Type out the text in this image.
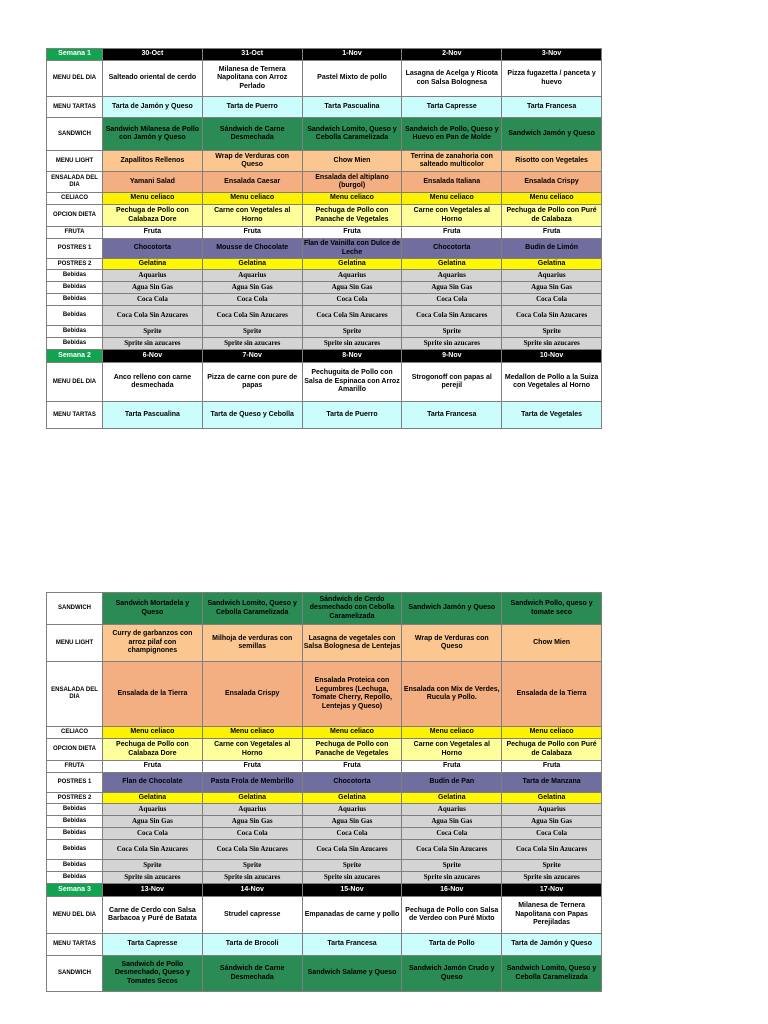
Semana 1	30-Oct	31-Oct	1-Nov	2-Nov	3-Nov
MENU DEL DIA	Salteado oriental de cerdo	Milanesa de Ternera Napolitana con Arroz Perlado	Pastel Mixto de pollo	Lasagna de Acelga y Ricota con Salsa Bolognesa	Pizza fugazetta / panceta y huevo
MENU TARTAS	Tarta de Jamón y Queso	Tarta de Puerro	Tarta Pascualina	Tarta Capresse	Tarta Francesa
SANDWICH	Sandwich Milanesa de Pollo con Jamón y Queso	Sándwich de Carne Desmechada	Sandwich Lomito, Queso y Cebolla Caramelizada	Sandwich de Pollo, Queso y Huevo en Pan de Molde	Sandwich Jamón y Queso
MENU LIGHT	Zapallitos Rellenos	Wrap de Verduras con Queso	Chow Mien	Terrina de zanahoria con salteado multicolor	Risotto con Vegetales
ENSALADA DEL DIA	Yamani Salad	Ensalada Caesar	Ensalada del altiplano (burgol)	Ensalada Italiana	Ensalada Crispy
CELIACO	Menu celiaco	Menu celiaco	Menu celiaco	Menu celiaco	Menu celiaco
OPCION DIETA	Pechuga de Pollo con Calabaza Dore	Carne con Vegetales al Horno	Pechuga de Pollo con Panache de Vegetales	Carne con Vegetales al Horno	Pechuga de Pollo con Puré de Calabaza
FRUTA	Fruta	Fruta	Fruta	Fruta	Fruta
POSTRES 1	Chocotorta	Mousse de Chocolate	Flan de Vainilla con Dulce de Leche	Chocotorta	Budín de Limón
POSTRES 2	Gelatina	Gelatina	Gelatina	Gelatina	Gelatina
Bebidas	Aquarius	Aquarius	Aquarius	Aquarius	Aquarius
Bebidas	Agua Sin Gas	Agua Sin Gas	Agua Sin Gas	Agua Sin Gas	Agua Sin Gas
Bebidas	Coca Cola	Coca Cola	Coca Cola	Coca Cola	Coca Cola
Bebidas	Coca Cola Sin Azucares	Coca Cola Sin Azucares	Coca Cola Sin Azucares	Coca Cola Sin Azucares	Coca Cola Sin Azucares
Bebidas	Sprite	Sprite	Sprite	Sprite	Sprite
Bebidas	Sprite sin azucares	Sprite sin azucares	Sprite sin azucares	Sprite sin azucares	Sprite sin azucares
Semana 2	6-Nov	7-Nov	8-Nov	9-Nov	10-Nov
MENU DEL DIA	Anco relleno con carne desmechada	Pizza de carne con pure de papas	Pechuguita de Pollo con Salsa de Espinaca con Arroz Amarillo	Strogonoff con papas al perejil	Medallon de Pollo a la Suiza con Vegetales al Horno
MENU TARTAS	Tarta Pascualina	Tarta de Queso y Cebolla	Tarta de Puerro	Tarta Francesa	Tarta de Vegetales
SANDWICH	Sandwich Mortadela y Queso	Sandwich Lomito, Queso y Cebolla Caramelizada	Sándwich de Cerdo desmechado con Cebolla Caramelizada	Sandwich Jamón y Queso	Sandwich Pollo, queso y tomate seco
MENU LIGHT	Curry de garbanzos con arroz pilaf con champignones	Milhoja de verduras con semillas	Lasagna de vegetales con Salsa Bolognesa de Lentejas	Wrap de Verduras con Queso	Chow Mien
ENSALADA DEL DIA	Ensalada de la Tierra	Ensalada Crispy	Ensalada Proteica con Legumbres (Lechuga, Tomate Cherry, Repollo, Lentejas y Queso)	Ensalada con Mix de Verdes, Rucula y Pollo.	Ensalada de la Tierra
CELIACO	Menu celiaco	Menu celiaco	Menu celiaco	Menu celiaco	Menu celiaco
OPCION DIETA	Pechuga de Pollo con Calabaza Dore	Carne con Vegetales al Horno	Pechuga de Pollo con Panache de Vegetales	Carne con Vegetales al Horno	Pechuga de Pollo con Puré de Calabaza
FRUTA	Fruta	Fruta	Fruta	Fruta	Fruta
POSTRES 1	Flan de Chocolate	Pasta Frola de Membrillo	Chocotorta	Budín de Pan	Tarta de Manzana
POSTRES 2	Gelatina	Gelatina	Gelatina	Gelatina	Gelatina
Bebidas	Aquarius	Aquarius	Aquarius	Aquarius	Aquarius
Bebidas	Agua Sin Gas	Agua Sin Gas	Agua Sin Gas	Agua Sin Gas	Agua Sin Gas
Bebidas	Coca Cola	Coca Cola	Coca Cola	Coca Cola	Coca Cola
Bebidas	Coca Cola Sin Azucares	Coca Cola Sin Azucares	Coca Cola Sin Azucares	Coca Cola Sin Azucares	Coca Cola Sin Azucares
Bebidas	Sprite	Sprite	Sprite	Sprite	Sprite
Bebidas	Sprite sin azucares	Sprite sin azucares	Sprite sin azucares	Sprite sin azucares	Sprite sin azucares
Semana 3	13-Nov	14-Nov	15-Nov	16-Nov	17-Nov
MENU DEL DIA	Carne de Cerdo con Salsa Barbacoa y Puré de Batata	Strudel capresse	Empanadas de carne y pollo	Pechuga de Pollo con Salsa de Verdeo con Puré Mixto	Milanesa de Ternera Napolitana con Papas Perejiladas
MENU TARTAS	Tarta Capresse	Tarta de Brocoli	Tarta Francesa	Tarta de Pollo	Tarta de Jamón y Queso
SANDWICH	Sandwich de Pollo Desmechado, Queso y Tomates Secos	Sándwich de Carne Desmechada	Sandwich Salame y Queso	Sandwich Jamón Crudo y Queso	Sandwich Lomito, Queso y Cebolla Caramelizada
